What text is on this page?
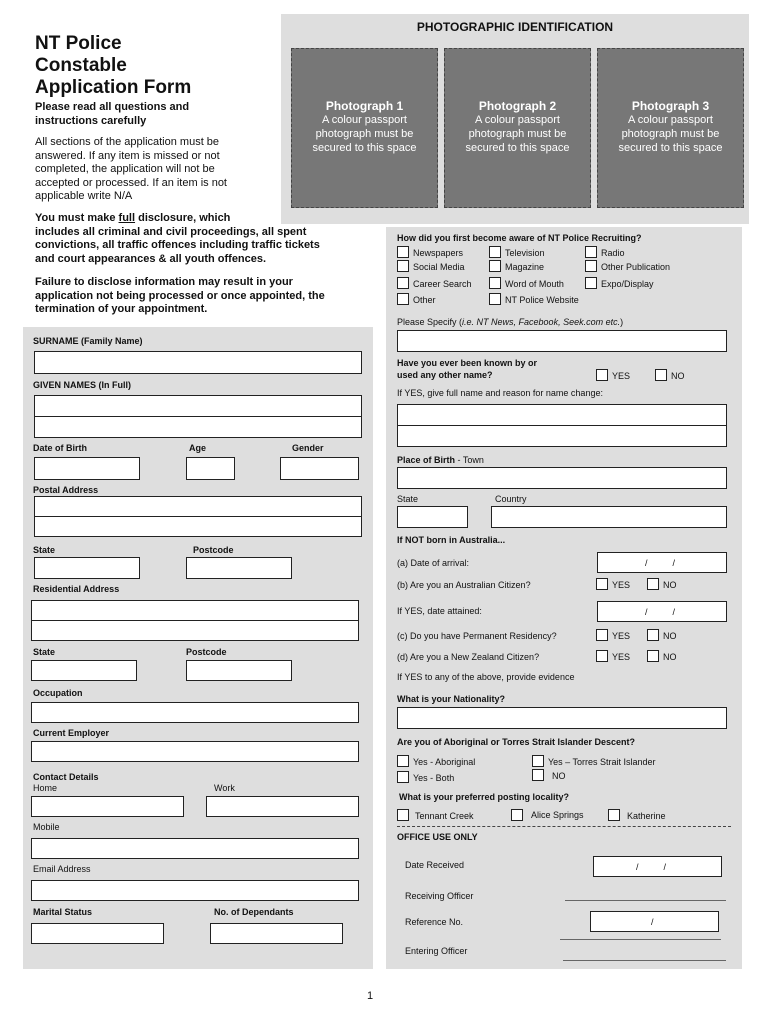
NT Police
Constable
Application Form
Please read all questions and
instructions carefully
All sections of the application must be
answered. If any item is missed or not
completed, the application will not be
accepted or processed. If an item is not
applicable write N/A
You must make full disclosure, which
includes all criminal and civil proceedings, all spent
convictions, all traffic offences including traffic tickets
and court appearances & all youth offences.
Failure to disclose information may result in your
application not being processed or once appointed, the
termination of your appointment.
PHOTOGRAPHIC IDENTIFICATION
Photograph 1
A colour passport
photograph must be
secured to this space
Photograph 2
A colour passport
photograph must be
secured to this space
Photograph 3
A colour passport
photograph must be
secured to this space
SURNAME (Family Name)
GIVEN NAMES (In Full)
Date of Birth	Age	Gender
Postal Address
State	Postcode
Residential Address
State	Postcode
Occupation
Current Employer
Contact Details
Home	Work
Mobile
Email Address
Marital Status	No. of Dependants
How did you first become aware of NT Police Recruiting?
Newspapers	Television	Radio
Social Media	Magazine	Other Publication
Career Search	Word of Mouth	Expo/Display
Other	NT Police Website
Please Specify (i.e. NT News, Facebook, Seek.com etc.)
Have you ever been known by or
used any other name?	YES	NO
If YES, give full name and reason for name change:
Place of Birth - Town
State	Country
If NOT born in Australia...
(a) Date of arrival:	/          /
(b) Are you an Australian Citizen?	YES	NO
If YES, date attained:	/          /
(c) Do you have Permanent Residency?	YES	NO
(d) Are you a New Zealand Citizen?	YES	NO
If YES to any of the above, provide evidence
What is your Nationality?
Are you of Aboriginal or Torres Strait Islander Descent?
Yes - Aboriginal	Yes – Torres Strait Islander
Yes - Both	NO
What is your preferred posting locality?
Tennant Creek	Alice Springs	Katherine
OFFICE USE ONLY
Date Received	/          /
Receiving Officer
Reference No.	/
Entering Officer
1
